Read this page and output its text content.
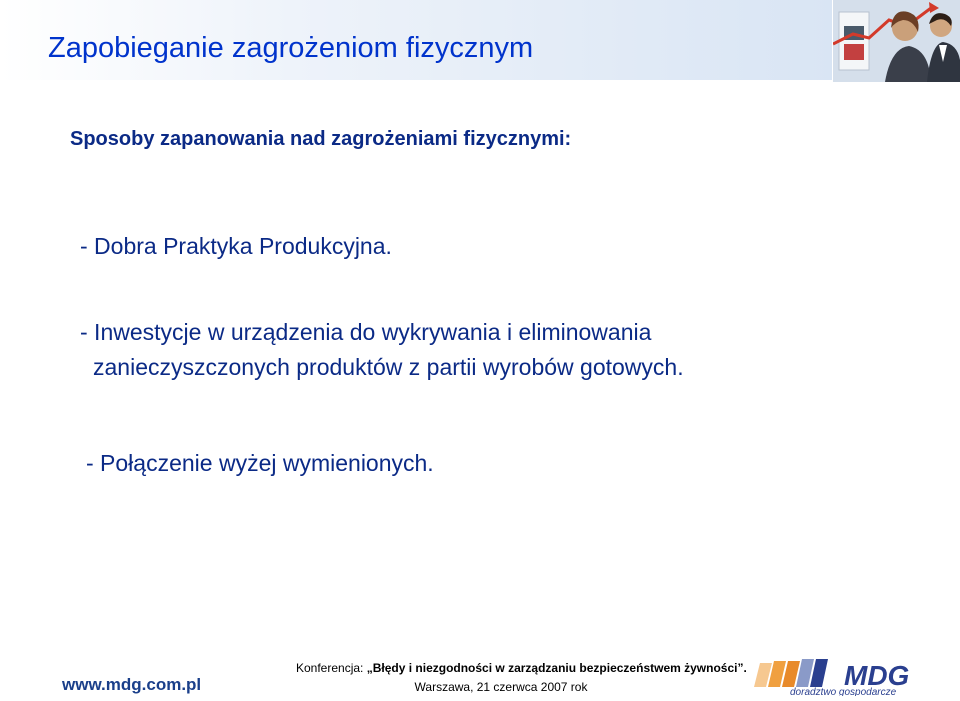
Zapobieganie zagrożeniom fizycznym
Sposoby zapanowania nad zagrożeniami fizycznymi:
- Dobra Praktyka Produkcyjna.
- Inwestycje w urządzenia do wykrywania i eliminowania
zanieczyszczonych produktów z partii wyrobów gotowych.
- Połączenie wyżej wymienionych.
www.mdg.com.pl
Konferencja: „Błędy i niezgodności w zarządzaniu bezpieczeństwem żywności”.
Warszawa, 21 czerwca 2007 rok	MDG
doradztwo gospodarcze
